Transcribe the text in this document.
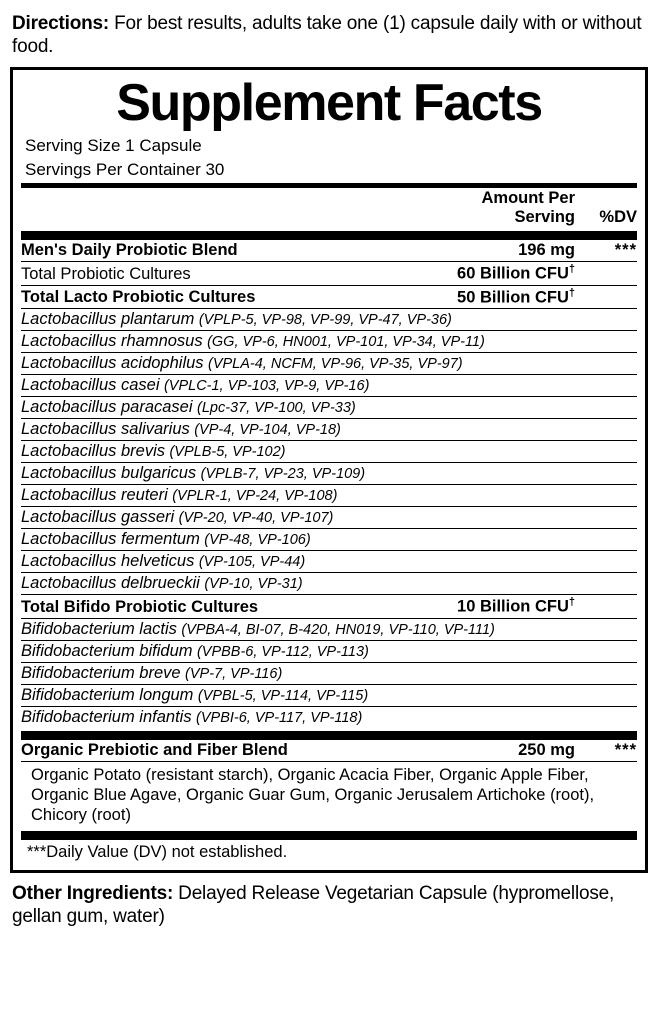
Directions: For best results, adults take one (1) capsule daily with or without food.
Supplement Facts
Serving Size 1 Capsule
Servings Per Container 30
	Amount Per Serving	%DV
Men's Daily Probiotic Blend	196 mg	***
Total Probiotic Cultures	60 Billion CFU†	
Total Lacto Probiotic Cultures	50 Billion CFU†	
Lactobacillus plantarum (VPLP-5, VP-98, VP-99, VP-47, VP-36)		
Lactobacillus rhamnosus (GG, VP-6, HN001, VP-101, VP-34, VP-11)		
Lactobacillus acidophilus (VPLA-4, NCFM, VP-96, VP-35, VP-97)		
Lactobacillus casei (VPLC-1, VP-103, VP-9, VP-16)		
Lactobacillus paracasei (Lpc-37, VP-100, VP-33)		
Lactobacillus salivarius (VP-4, VP-104, VP-18)		
Lactobacillus brevis (VPLB-5, VP-102)		
Lactobacillus bulgaricus (VPLB-7, VP-23, VP-109)		
Lactobacillus reuteri (VPLR-1, VP-24, VP-108)		
Lactobacillus gasseri (VP-20, VP-40, VP-107)		
Lactobacillus fermentum (VP-48, VP-106)		
Lactobacillus helveticus (VP-105, VP-44)		
Lactobacillus delbrueckii (VP-10, VP-31)		
Total Bifido Probiotic Cultures	10 Billion CFU†	
Bifidobacterium lactis (VPBA-4, BI-07, B-420, HN019, VP-110, VP-111)		
Bifidobacterium bifidum (VPBB-6, VP-112, VP-113)		
Bifidobacterium breve (VP-7, VP-116)		
Bifidobacterium longum (VPBL-5, VP-114, VP-115)		
Bifidobacterium infantis (VPBI-6, VP-117, VP-118)		
Organic Prebiotic and Fiber Blend	250 mg	***
Organic Potato (resistant starch), Organic Acacia Fiber, Organic Apple Fiber, Organic Blue Agave, Organic Guar Gum, Organic Jerusalem Artichoke (root), Chicory (root)
***Daily Value (DV) not established.
Other Ingredients: Delayed Release Vegetarian Capsule (hypromellose, gellan gum, water)
